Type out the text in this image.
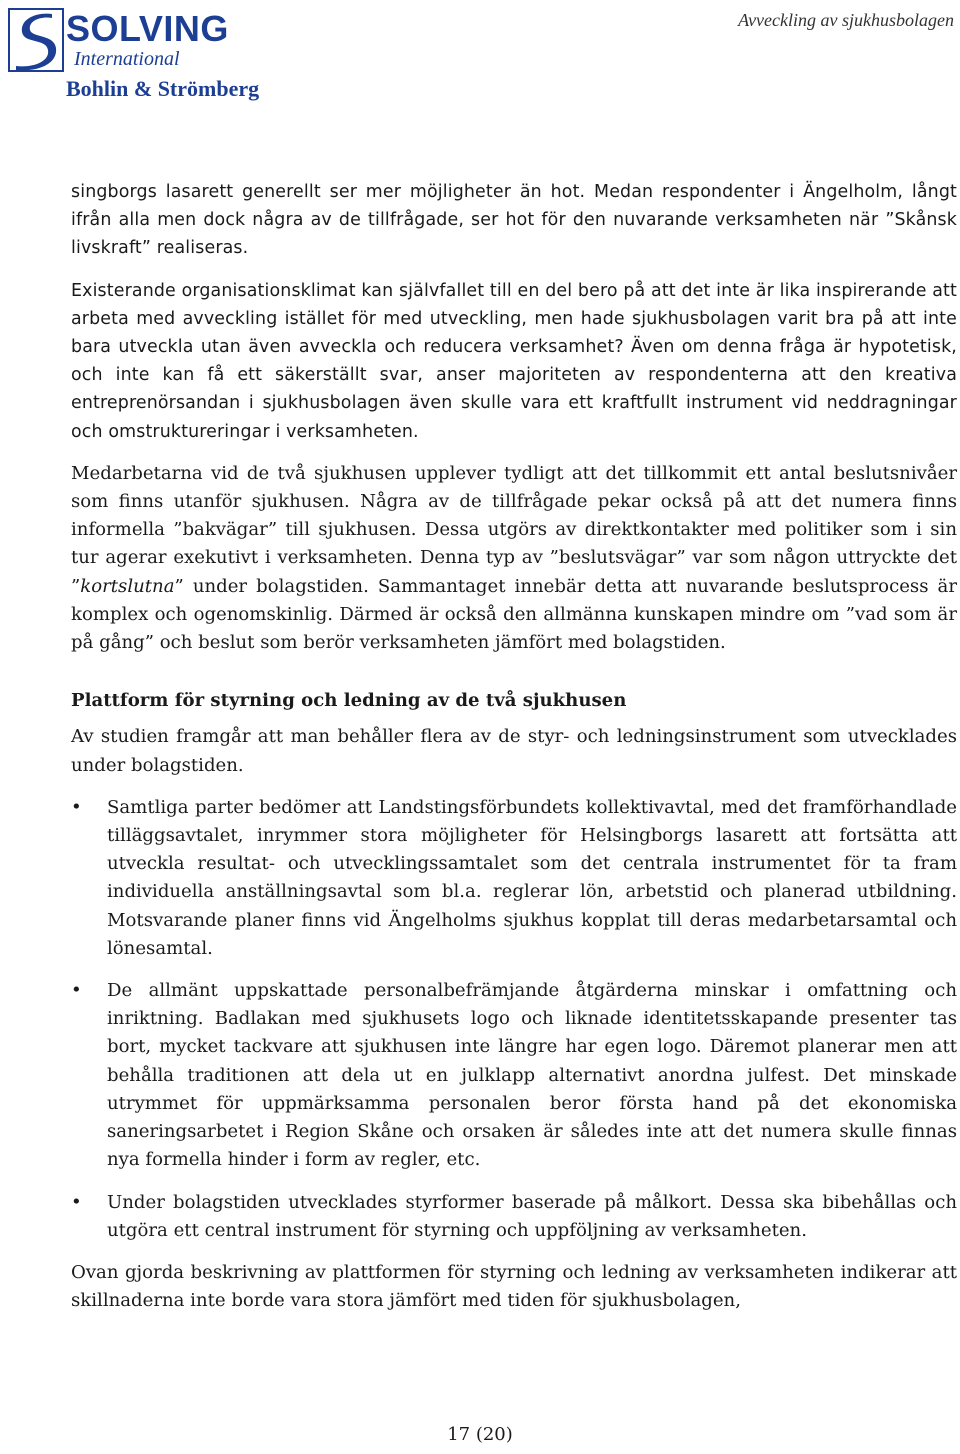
SOLVING
International
Bohlin & Strömberg
Avveckling av sjukhusbolagen

singborgs lasarett generellt ser mer möjligheter än hot. Medan respondenter i Ängelholm, långt ifrån alla men dock några av de tillfrågade, ser hot för den nuvarande verksamheten när ”Skånsk livskraft” realiseras.

Existerande organisationsklimat kan självfallet till en del bero på att det inte är lika inspirerande att arbeta med avveckling istället för med utveckling, men hade sjukhusbolagen varit bra på att inte bara utveckla utan även avveckla och reducera verksamhet? Även om denna fråga är hypotetisk, och inte kan få ett säkerställt svar, anser majoriteten av respondenterna att den kreativa entreprenörsandan i sjukhusbolagen även skulle vara ett kraftfullt instrument vid neddragningar och omstruktureringar i verksamheten.

Medarbetarna vid de två sjukhusen upplever tydligt att det tillkommit ett antal beslutsnivåer som finns utanför sjukhusen. Några av de tillfrågade pekar också på att det numera finns informella ”bakvägar” till sjukhusen. Dessa utgörs av direktkontakter med politiker som i sin tur agerar exekutivt i verksamheten. Denna typ av ”beslutsvägar” var som någon uttryckte det ”kortslutna” under bolagstiden. Sammantaget innebär detta att nuvarande beslutsprocess är komplex och ogenomskinlig. Därmed är också den allmänna kunskapen mindre om ”vad som är på gång” och beslut som berör verksamheten jämfört med bolagstiden.

Plattform för styrning och ledning av de två sjukhusen

Av studien framgår att man behåller flera av de styr- och ledningsinstrument som utvecklades under bolagstiden.

• Samtliga parter bedömer att Landstingsförbundets kollektivavtal, med det framförhandlade tilläggsavtalet, inrymmer stora möjligheter för Helsingborgs lasarett att fortsätta att utveckla resultat- och utvecklingssamtalet som det centrala instrumentet för ta fram individuella anställningsavtal som bl.a. reglerar lön, arbetstid och planerad utbildning. Motsvarande planer finns vid Ängelholms sjukhus kopplat till deras medarbetarsamtal och lönesamtal.
• De allmänt uppskattade personalbefrämjande åtgärderna minskar i omfattning och inriktning. Badlakan med sjukhusets logo och liknade identitetsskapande presenter tas bort, mycket tackvare att sjukhusen inte längre har egen logo. Däremot planerar men att behålla traditionen att dela ut en julklapp alternativt anordna julfest. Det minskade utrymmet för uppmärksamma personalen beror första hand på det ekonomiska saneringsarbetet i Region Skåne och orsaken är således inte att det numera skulle finnas nya formella hinder i form av regler, etc.
• Under bolagstiden utvecklades styrformer baserade på målkort. Dessa ska bibehållas och utgöra ett central instrument för styrning och uppföljning av verksamheten.

Ovan gjorda beskrivning av plattformen för styrning och ledning av verksamheten indikerar att skillnaderna inte borde vara stora jämfört med tiden för sjukhusbolagen,

17 (20)
